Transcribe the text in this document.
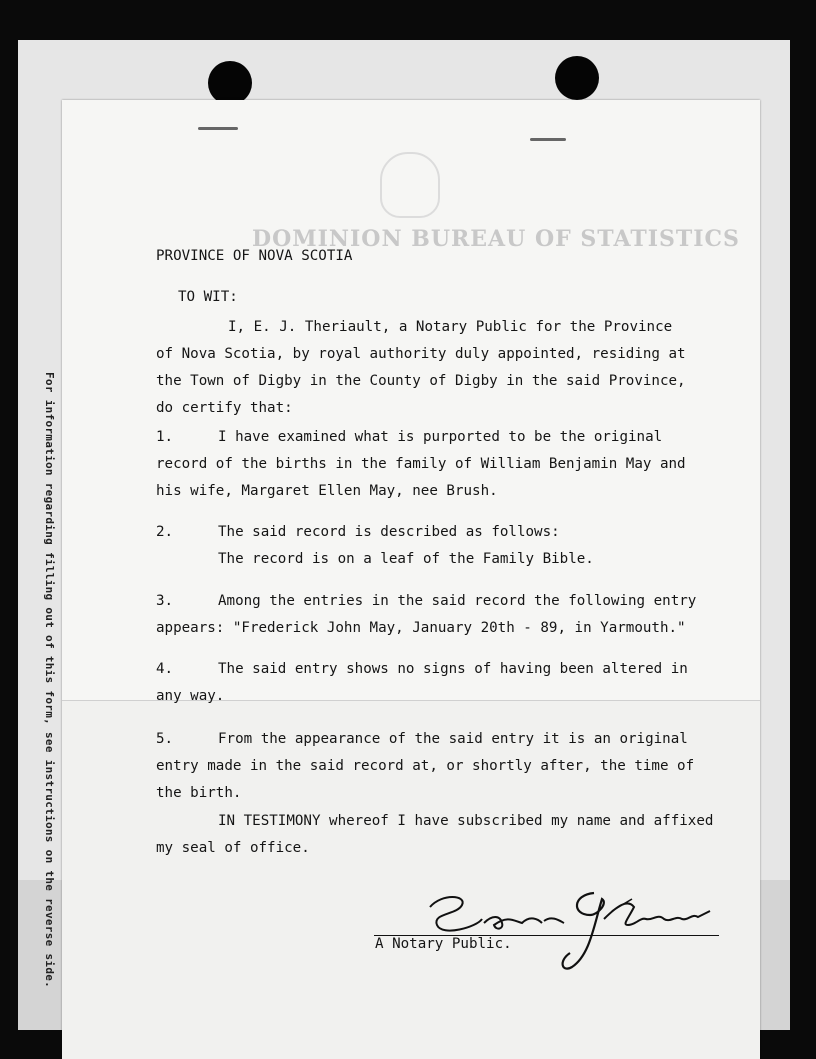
For information regarding filling out of this form, see instructions on the reverse side.
DOMINION BUREAU OF STATISTICS
PROVINCE OF NOVA SCOTIA
TO WIT:
I, E. J. Theriault, a Notary Public for the Province
of Nova Scotia, by royal authority duly appointed, residing at
the Town of Digby in the County of Digby in the said Province,
do certify that:
1.	I have examined what is purported to be the original
record of the births in the family of William Benjamin May and
his wife, Margaret Ellen May, nee Brush.
2.	The said record is described as follows:
The record is on a leaf of the Family Bible.
3.	Among the entries in the said record the following entry
appears: "Frederick John May, January 20th - 89, in Yarmouth."
4.	The said entry shows no signs of having been altered in
any way.
5.	From the appearance of the said entry it is an original
entry made in the said record at, or shortly after, the time of
the birth.
IN TESTIMONY whereof I have subscribed my name and affixed
my seal of office.
A Notary Public.
